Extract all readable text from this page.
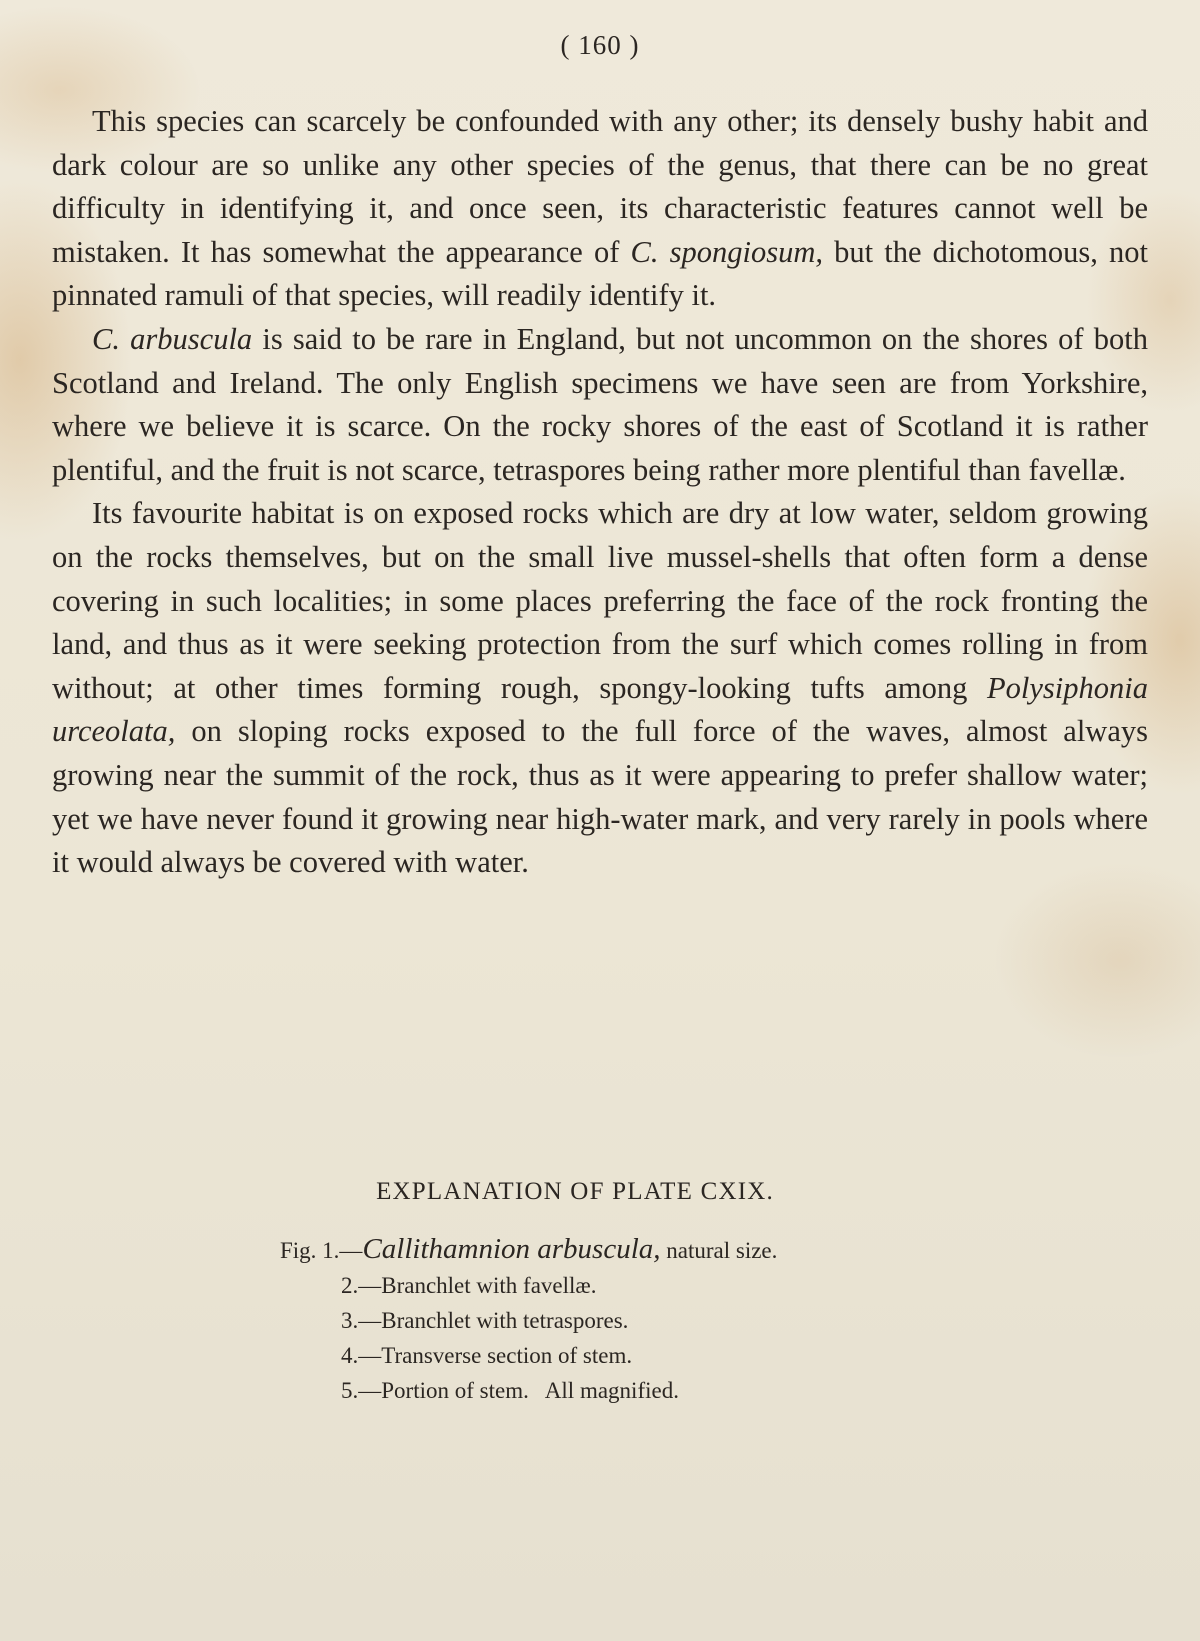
( 160 )

This species can scarcely be confounded with any other; its densely bushy habit and dark colour are so unlike any other species of the genus, that there can be no great difficulty in identifying it, and once seen, its characteristic features cannot well be mistaken. It has somewhat the appearance of C. spongiosum, but the dichotomous, not pinnated ramuli of that species, will readily identify it.

C. arbuscula is said to be rare in England, but not uncommon on the shores of both Scotland and Ireland. The only English specimens we have seen are from Yorkshire, where we believe it is scarce. On the rocky shores of the east of Scotland it is rather plentiful, and the fruit is not scarce, tetraspores being rather more plentiful than favellæ.

Its favourite habitat is on exposed rocks which are dry at low water, seldom growing on the rocks themselves, but on the small live mussel-shells that often form a dense covering in such localities; in some places preferring the face of the rock fronting the land, and thus as it were seeking protection from the surf which comes rolling in from without; at other times forming rough, spongy-looking tufts among Polysiphonia urceolata, on sloping rocks exposed to the full force of the waves, almost always growing near the summit of the rock, thus as it were appearing to prefer shallow water; yet we have never found it growing near high-water mark, and very rarely in pools where it would always be covered with water.

EXPLANATION OF PLATE CXIX.
Fig. 1.—Callithamnion arbuscula, natural size.
2.—Branchlet with favellæ.
3.—Branchlet with tetraspores.
4.—Transverse section of stem.
5.—Portion of stem.   All magnified.
